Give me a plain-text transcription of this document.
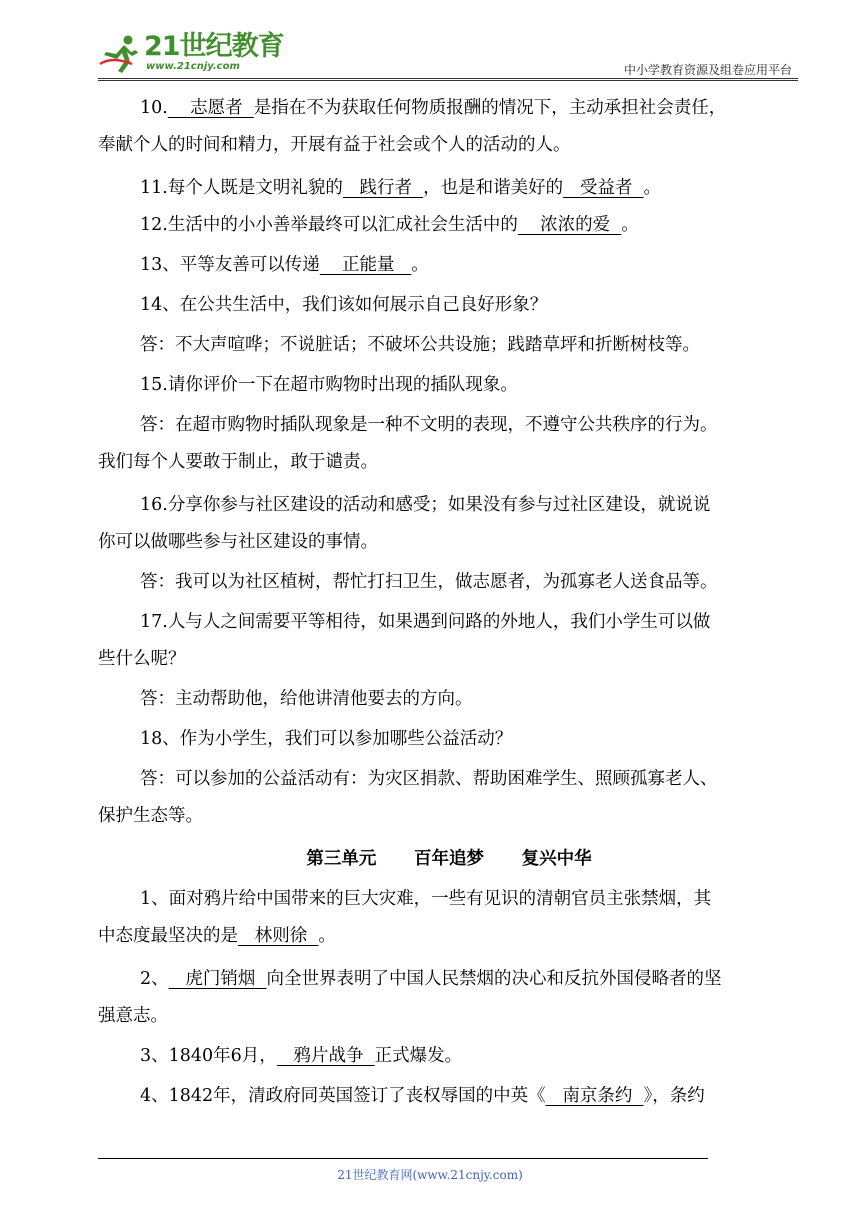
21世纪教育
www.21cnjy.com	中小学教育资源及组卷应用平台
10.    志愿者  是指在不为获取任何物质报酬的情况下，主动承担社会责任，
奉献个人的时间和精力，开展有益于社会或个人的活动的人。
11.每个人既是文明礼貌的   践行者  ，也是和谐美好的   受益者  。
12.生活中的小小善举最终可以汇成社会生活中的    浓浓的爱  。
13、平等友善可以传递    正能量   。
14、在公共生活中，我们该如何展示自己良好形象？
答：不大声喧哗；不说脏话；不破坏公共设施；践踏草坪和折断树枝等。
15.请你评价一下在超市购物时出现的插队现象。
答：在超市购物时插队现象是一种不文明的表现，不遵守公共秩序的行为。
我们每个人要敢于制止，敢于谴责。
16.分享你参与社区建设的活动和感受；如果没有参与过社区建设，就说说
你可以做哪些参与社区建设的事情。
答：我可以为社区植树，帮忙打扫卫生，做志愿者，为孤寡老人送食品等。
17.人与人之间需要平等相待，如果遇到问路的外地人，我们小学生可以做
些什么呢？
答：主动帮助他，给他讲清他要去的方向。
18、作为小学生，我们可以参加哪些公益活动？
答：可以参加的公益活动有：为灾区捐款、帮助困难学生、照顾孤寡老人、
保护生态等。
1、面对鸦片给中国带来的巨大灾难，一些有见识的清朝官员主张禁烟，其
中态度最坚决的是   林则徐  。
2、   虎门销烟  向全世界表明了中国人民禁烟的决心和反抗外国侵略者的坚
强意志。
3、1840年6月，   鸦片战争  正式爆发。
4、1842年，清政府同英国签订了丧权辱国的中英《   南京条约  》，条约
第三单元　 百年追梦　 复兴中华
21世纪教育网(www.21cnjy.com)
